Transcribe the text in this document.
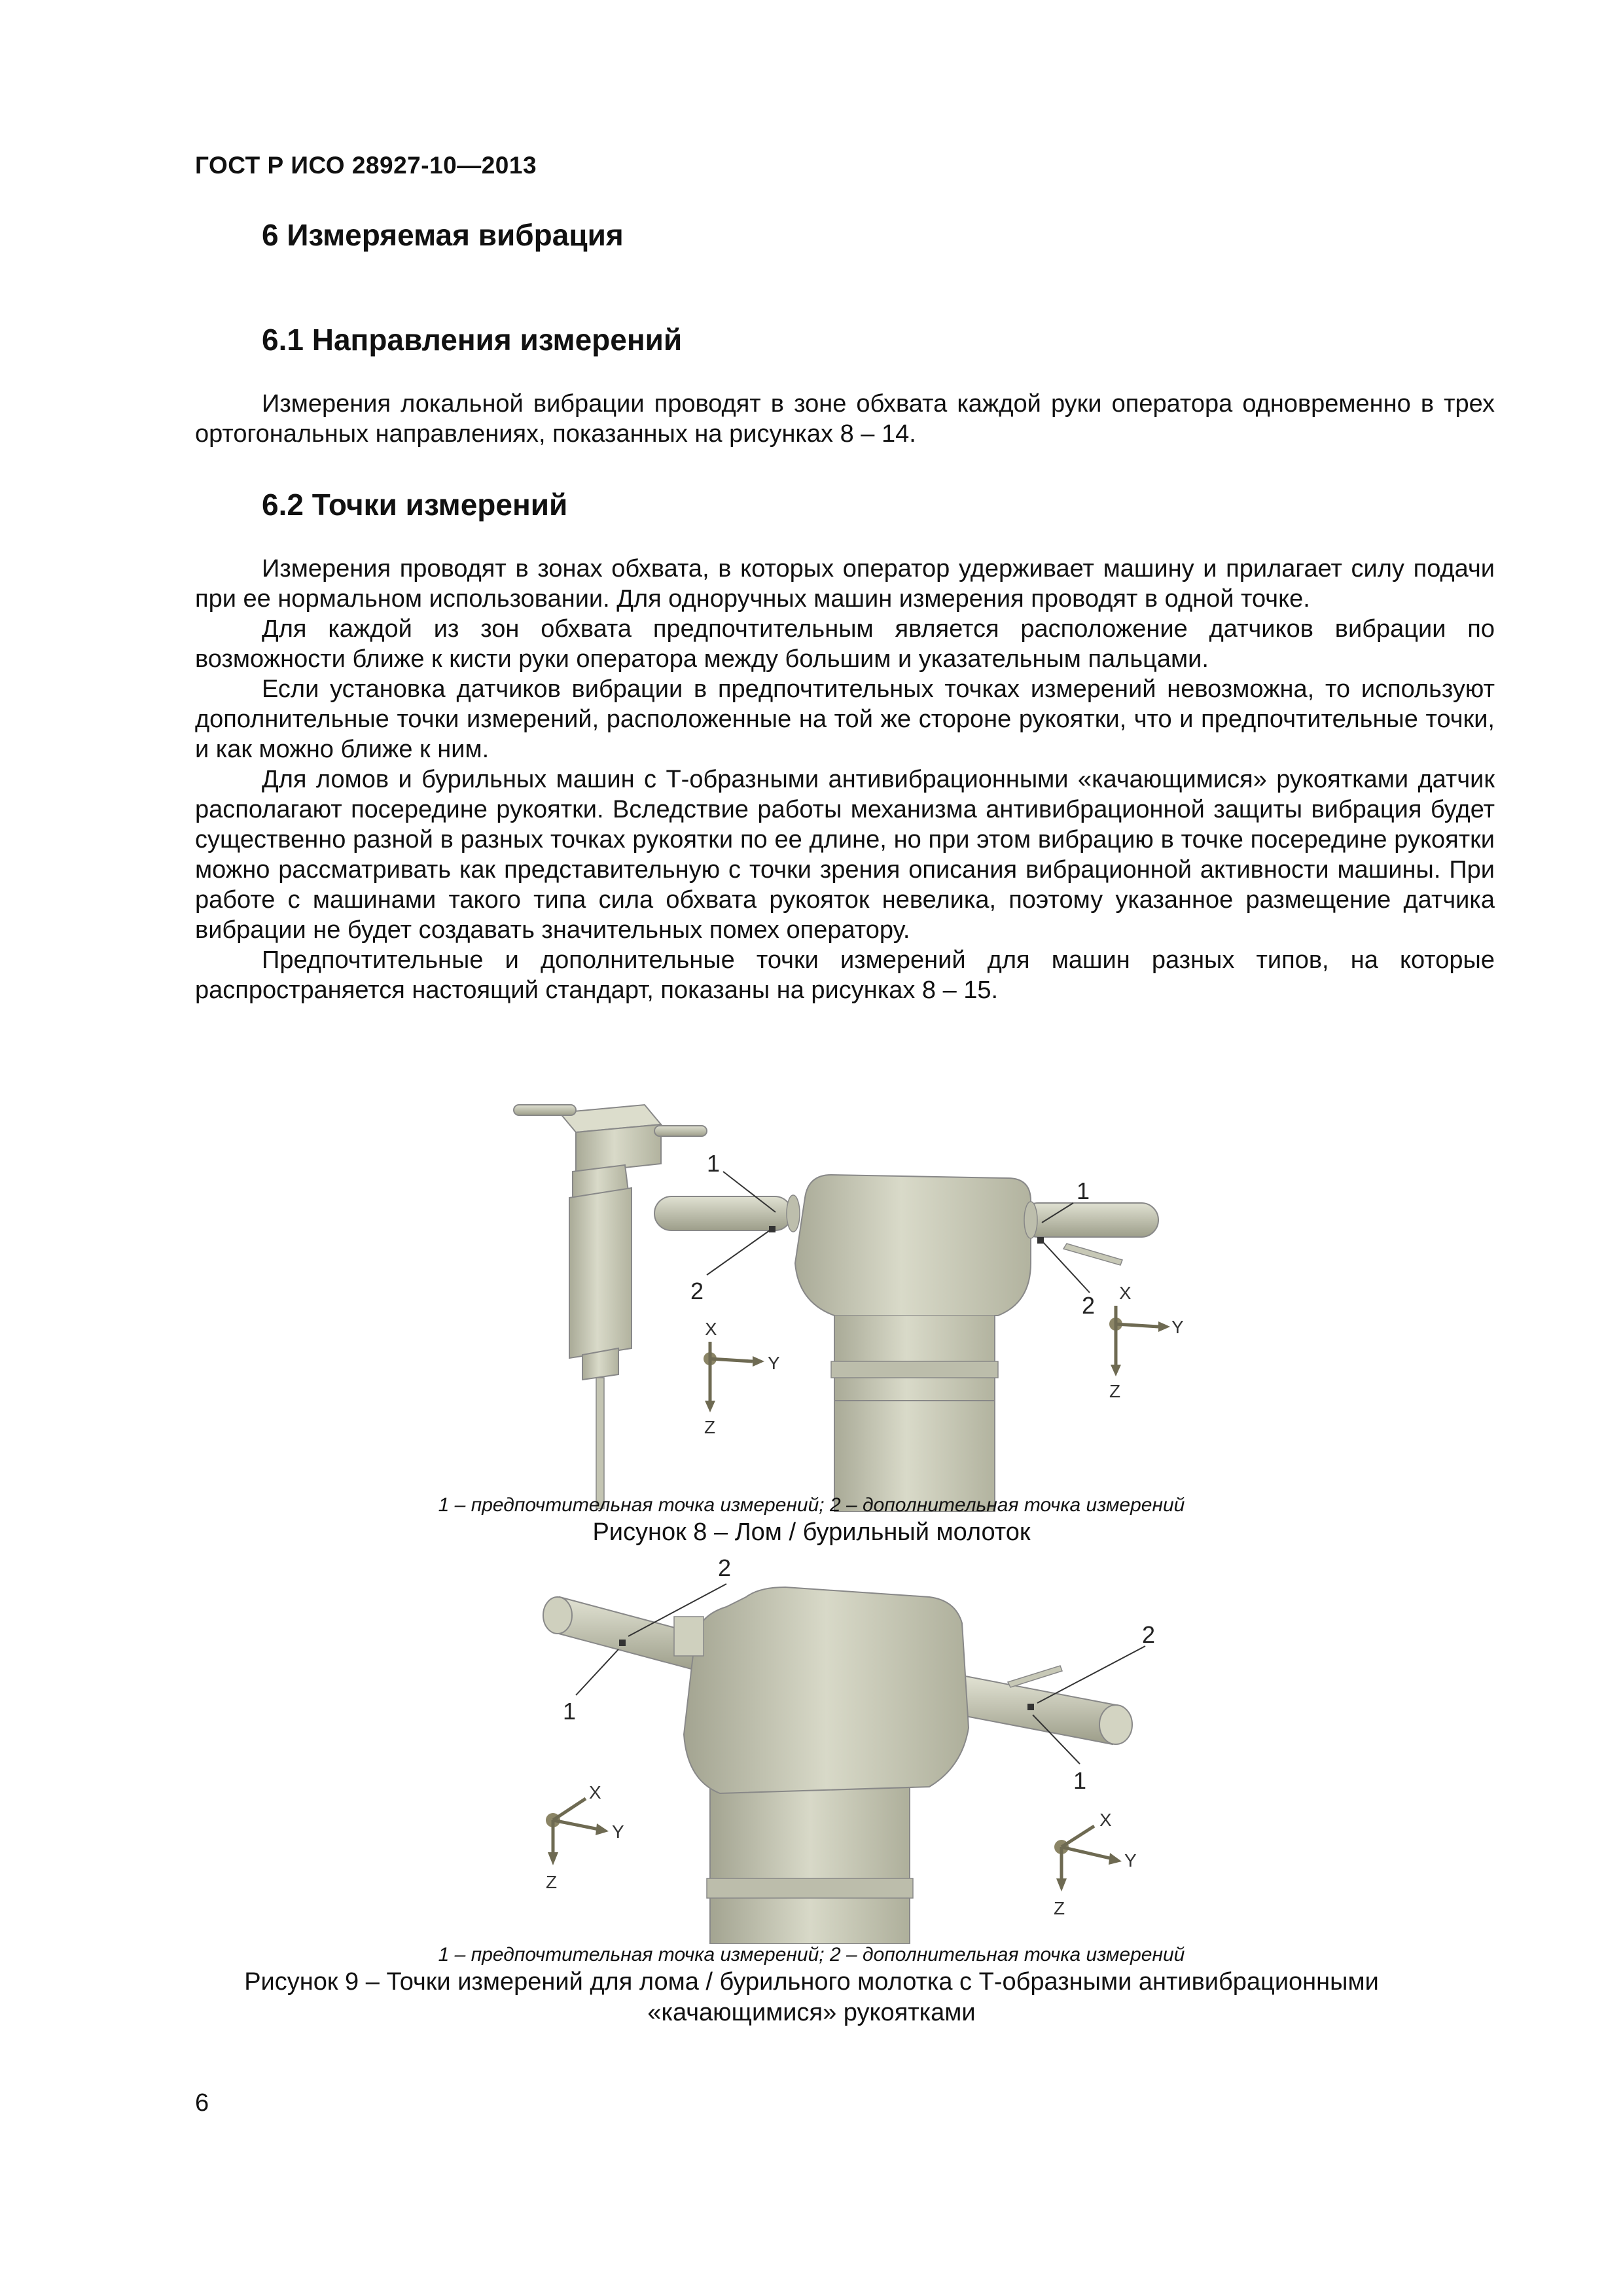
ГОСТ Р ИСО 28927-10—2013
6 Измеряемая вибрация
6.1 Направления измерений

Измерения локальной вибрации проводят в зоне обхвата каждой руки оператора одновременно в трех ортогональных направлениях, показанных на рисунках 8 – 14.

6.2 Точки измерений

Измерения проводят в зонах обхвата, в которых оператор удерживает машину и прилагает силу подачи при ее нормальном использовании. Для одноручных машин измерения проводят в одной точке.

Для каждой из зон обхвата предпочтительным является расположение датчиков вибрации по возможности ближе к кисти руки оператора между большим и указательным пальцами.

Если установка датчиков вибрации в предпочтительных точках измерений невозможна, то используют дополнительные точки измерений, расположенные на той же стороне рукоятки, что и предпочтительные точки, и как можно ближе к ним.

Для ломов и бурильных машин с Т-образными антивибрационными «качающимися» рукоятками датчик располагают посередине рукоятки. Вследствие работы механизма антивибрационной защиты вибрация будет существенно разной в разных точках рукоятки по ее длине, но при этом вибрацию в точке посередине рукоятки можно рассматривать как представительную с точки зрения описания вибрационной активности машины. При работе с машинами такого типа сила обхвата рукояток невелика, поэтому указанное размещение датчика вибрации не будет создавать значительных помех оператору.

Предпочтительные и дополнительные точки измерений для машин разных типов, на которые распространяется настоящий стандарт, показаны на рисунках 8 – 15.

1
2
1
2
X
Y
Z
X
Y
Z
1 – предпочтительная точка измерений; 2 – дополнительная точка измерений
Рисунок 8 – Лом / бурильный молоток
2
1
2
1
X
Y
Z
X
Y
Z
1 – предпочтительная точка измерений; 2 – дополнительная точка измерений
Рисунок 9 – Точки измерений для лома / бурильного молотка с Т-образными антивибрационными
«качающимися» рукоятками
6
